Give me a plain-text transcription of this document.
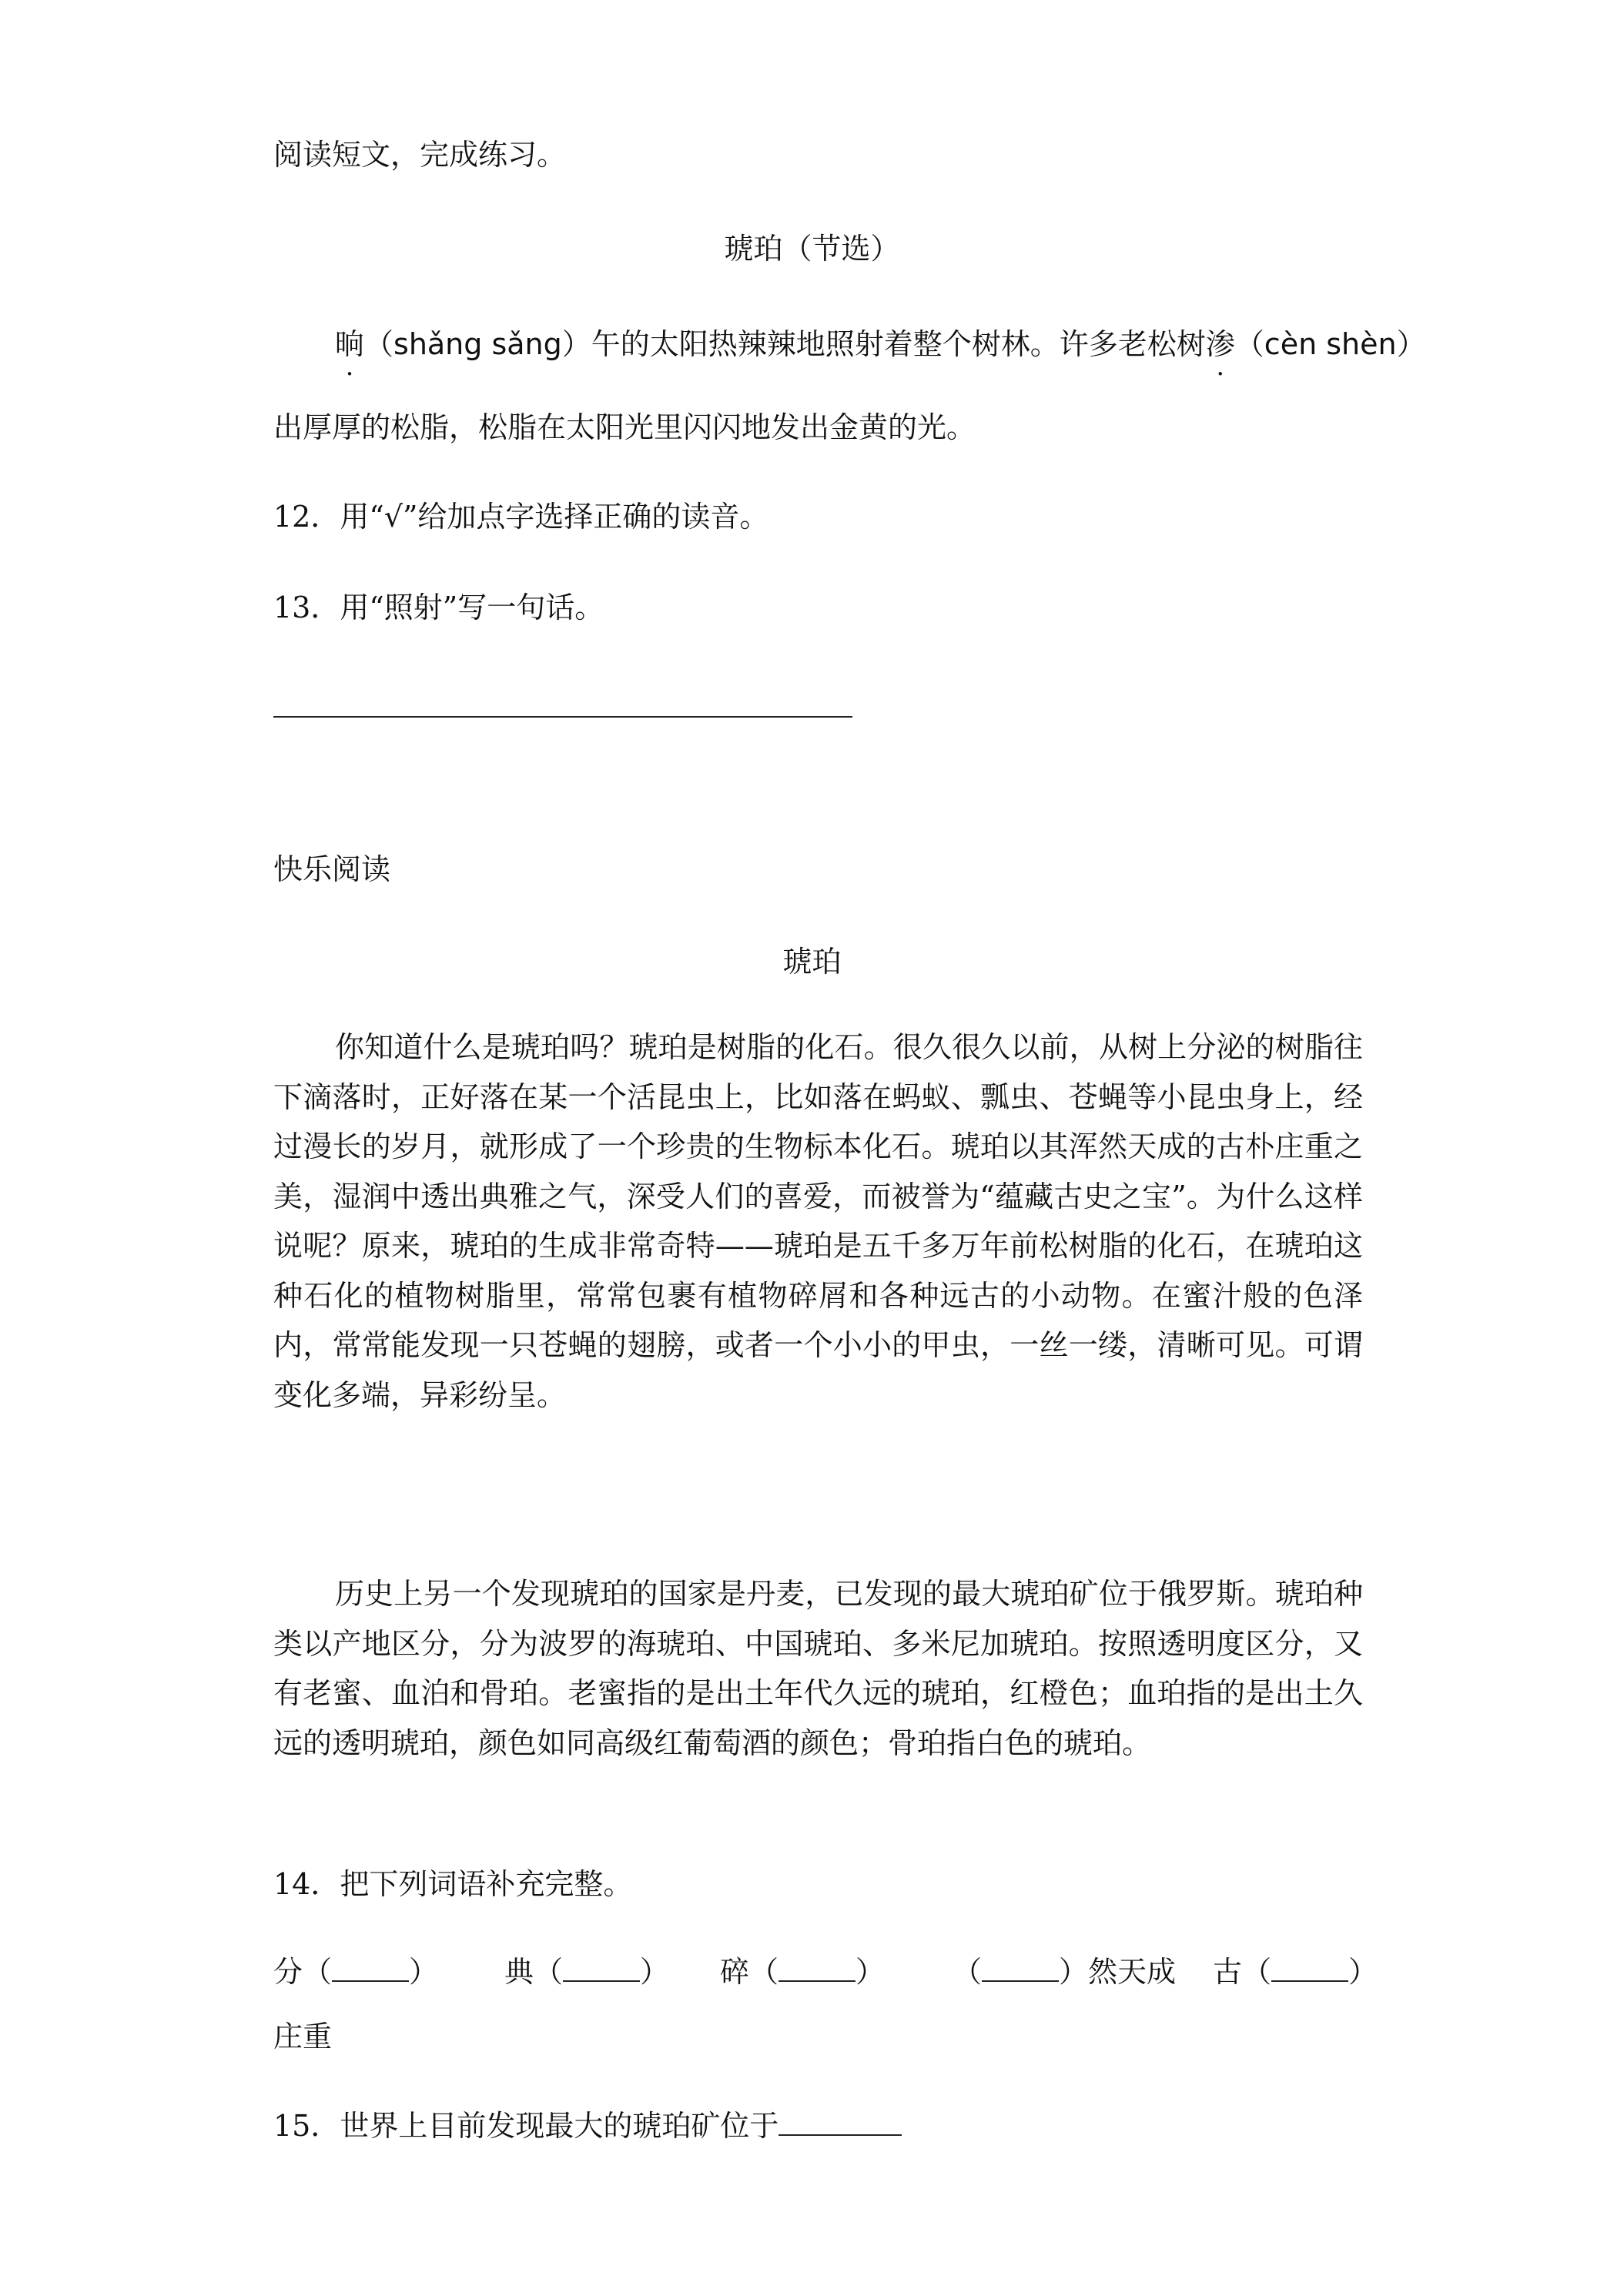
阅读短文，完成练习。
琥珀（节选）
晌（shǎng sǎng）午的太阳热辣辣地照射着整个树林。许多老松树渗（cèn shèn）
出厚厚的松脂，松脂在太阳光里闪闪地发出金黄的光。
12．用“√”给加点字选择正确的读音。
13．用“照射”写一句话。
快乐阅读
琥珀

你知道什么是琥珀吗？琥珀是树脂的化石。很久很久以前，从树上分泌的树脂往下滴落时，正好落在某一个活昆虫上，比如落在蚂蚁、瓢虫、苍蝇等小昆虫身上，经过漫长的岁月，就形成了一个珍贵的生物标本化石。琥珀以其浑然天成的古朴庄重之美，湿润中透出典雅之气，深受人们的喜爱，而被誉为“蕴藏古史之宝”。为什么这样说呢？原来，琥珀的生成非常奇特——琥珀是五千多万年前松树脂的化石，在琥珀这种石化的植物树脂里，常常包裹有植物碎屑和各种远古的小动物。在蜜汁般的色泽内，常常能发现一只苍蝇的翅膀，或者一个小小的甲虫，一丝一缕，清晰可见。可谓变化多端，异彩纷呈。

历史上另一个发现琥珀的国家是丹麦，已发现的最大琥珀矿位于俄罗斯。琥珀种类以产地区分，分为波罗的海琥珀、中国琥珀、多米尼加琥珀。按照透明度区分，又有老蜜、血泊和骨珀。老蜜指的是出土年代久远的琥珀，红橙色；血珀指的是出土久远的透明琥珀，颜色如同高级红葡萄酒的颜色；骨珀指白色的琥珀。

14．把下列词语补充完整。
分（	） 典（	） 碎（	） （	）然天成 古（	）
庄重
15．世界上目前发现最大的琥珀矿位于
